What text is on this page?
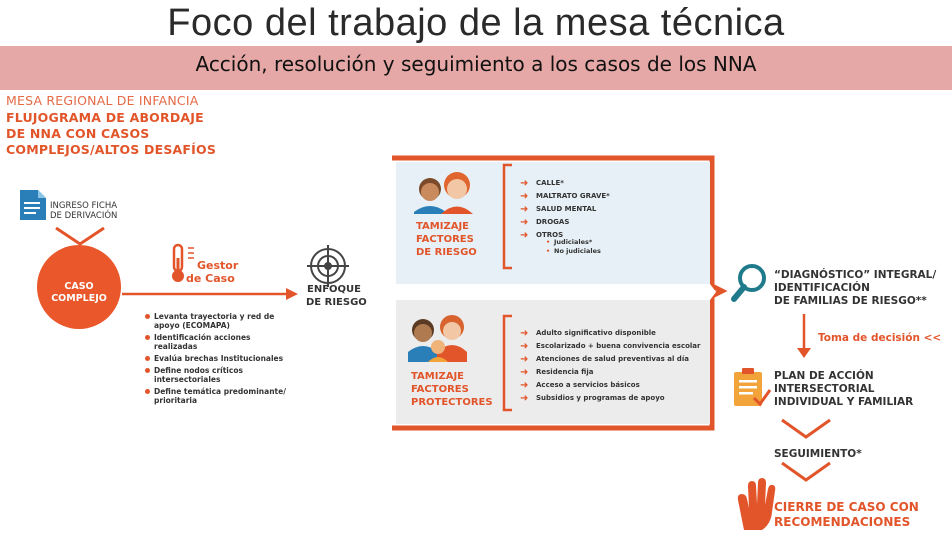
Foco del trabajo de la mesa técnica
Acción, resolución y seguimiento a los casos de los NNA
MESA REGIONAL DE INFANCIA
FLUJOGRAMA DE ABORDAJE
DE NNA CON CASOS
COMPLEJOS/ALTOS DESAFÍOS
INGRESO FICHA
DE DERIVACIÓN
CASO
COMPLEJO
Gestor
de Caso
ENFOQUE
DE RIESGO
Levanta trayectoria y red de apoyo (ECOMAPA)
Identificación acciones realizadas
Evalúa brechas Institucionales
Define nodos críticos intersectoriales
Define temática predominante/ prioritaria
TAMIZAJE
FACTORES
DE RIESGO
➜ CALLE*
➜ MALTRATO GRAVE*
➜ SALUD MENTAL
➜ DROGAS
➜ OTROS
• Judiciales*
• No judiciales
TAMIZAJE
FACTORES
PROTECTORES
➜ Adulto significativo disponible
➜ Escolarizado + buena convivencia escolar
➜ Atenciones de salud preventivas al día
➜ Residencia fija
➜ Acceso a servicios básicos
➜ Subsidios y programas de apoyo
“DIAGNÓSTICO” INTEGRAL/
IDENTIFICACIÓN
DE FAMILIAS DE RIESGO**
Toma de decisión <<
PLAN DE ACCIÓN
INTERSECTORIAL
INDIVIDUAL Y FAMILIAR
SEGUIMIENTO*
CIERRE DE CASO CON
RECOMENDACIONES
